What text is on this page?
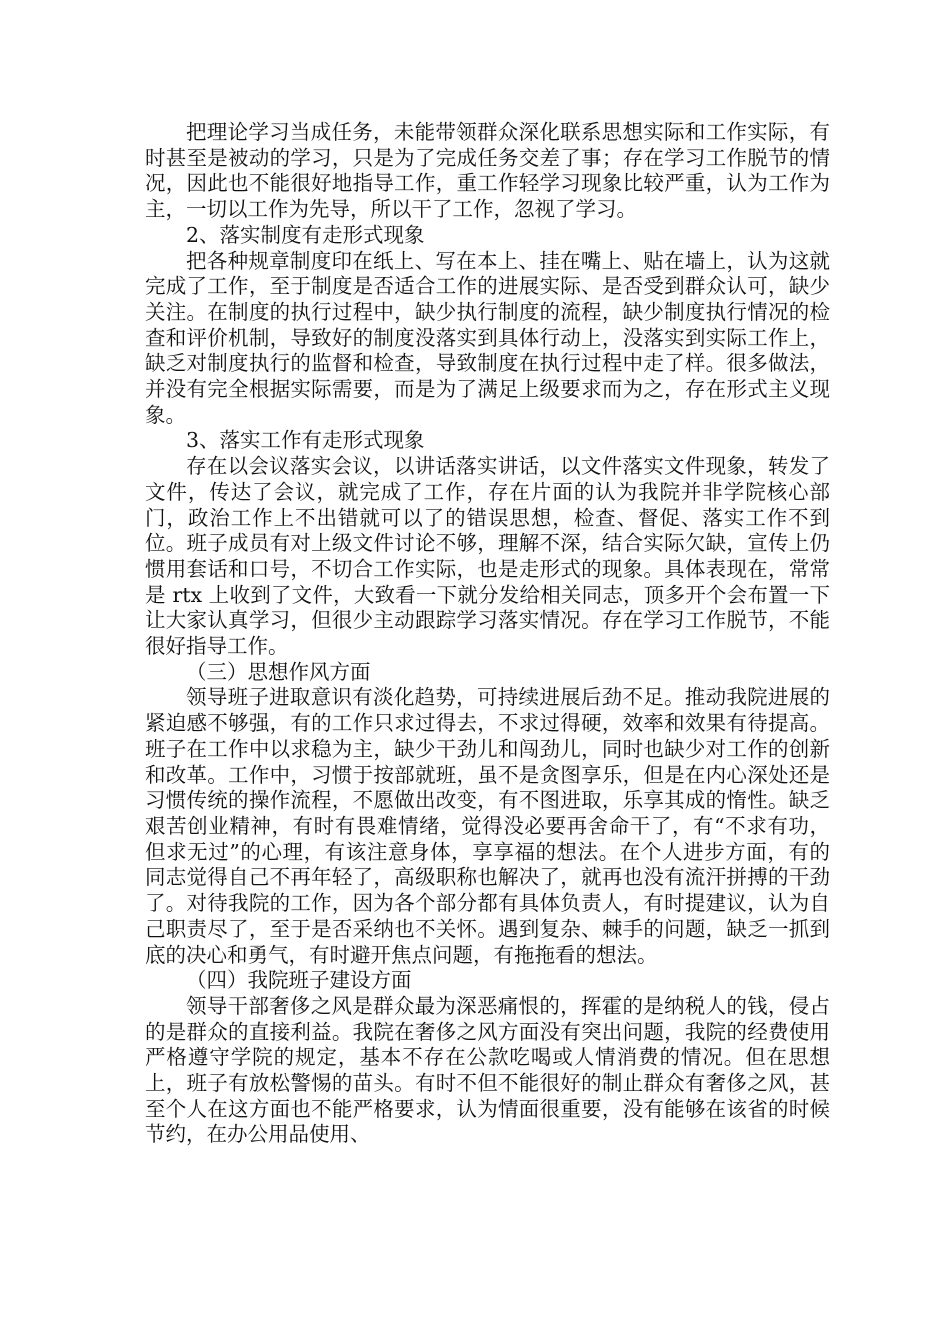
把理论学习当成任务，未能带领群众深化联系思想实际和工作实际，有时甚至是被动的学习，只是为了完成任务交差了事；存在学习工作脱节的情况，因此也不能很好地指导工作，重工作轻学习现象比较严重，认为工作为主，一切以工作为先导，所以干了工作，忽视了学习。

2、落实制度有走形式现象

把各种规章制度印在纸上、写在本上、挂在嘴上、贴在墙上，认为这就完成了工作，至于制度是否适合工作的进展实际、是否受到群众认可，缺少关注。在制度的执行过程中，缺少执行制度的流程，缺少制度执行情况的检查和评价机制，导致好的制度没落实到具体行动上，没落实到实际工作上，缺乏对制度执行的监督和检查，导致制度在执行过程中走了样。很多做法，并没有完全根据实际需要，而是为了满足上级要求而为之，存在形式主义现象。

3、落实工作有走形式现象

存在以会议落实会议，以讲话落实讲话，以文件落实文件现象，转发了文件，传达了会议，就完成了工作，存在片面的认为我院并非学院核心部门，政治工作上不出错就可以了的错误思想，检查、督促、落实工作不到位。班子成员有对上级文件讨论不够，理解不深，结合实际欠缺，宣传上仍惯用套话和口号，不切合工作实际，也是走形式的现象。具体表现在，常常是 rtx 上收到了文件，大致看一下就分发给相关同志，顶多开个会布置一下让大家认真学习，但很少主动跟踪学习落实情况。存在学习工作脱节，不能很好指导工作。

（三）思想作风方面

领导班子进取意识有淡化趋势，可持续进展后劲不足。推动我院进展的紧迫感不够强，有的工作只求过得去，不求过得硬，效率和效果有待提高。班子在工作中以求稳为主，缺少干劲儿和闯劲儿，同时也缺少对工作的创新和改革。工作中，习惯于按部就班，虽不是贪图享乐，但是在内心深处还是习惯传统的操作流程，不愿做出改变，有不图进取，乐享其成的惰性。缺乏艰苦创业精神，有时有畏难情绪，觉得没必要再舍命干了，有“不求有功，但求无过”的心理，有该注意身体，享享福的想法。在个人进步方面，有的同志觉得自己不再年轻了，高级职称也解决了，就再也没有流汗拼搏的干劲了。对待我院的工作，因为各个部分都有具体负责人，有时提建议，认为自己职责尽了，至于是否采纳也不关怀。遇到复杂、棘手的问题，缺乏一抓到底的决心和勇气，有时避开焦点问题，有拖拖看的想法。

（四）我院班子建设方面

领导干部奢侈之风是群众最为深恶痛恨的，挥霍的是纳税人的钱，侵占的是群众的直接利益。我院在奢侈之风方面没有突出问题，我院的经费使用严格遵守学院的规定，基本不存在公款吃喝或人情消费的情况。但在思想上，班子有放松警惕的苗头。有时不但不能很好的制止群众有奢侈之风，甚至个人在这方面也不能严格要求，认为情面很重要，没有能够在该省的时候节约，在办公用品使用、
